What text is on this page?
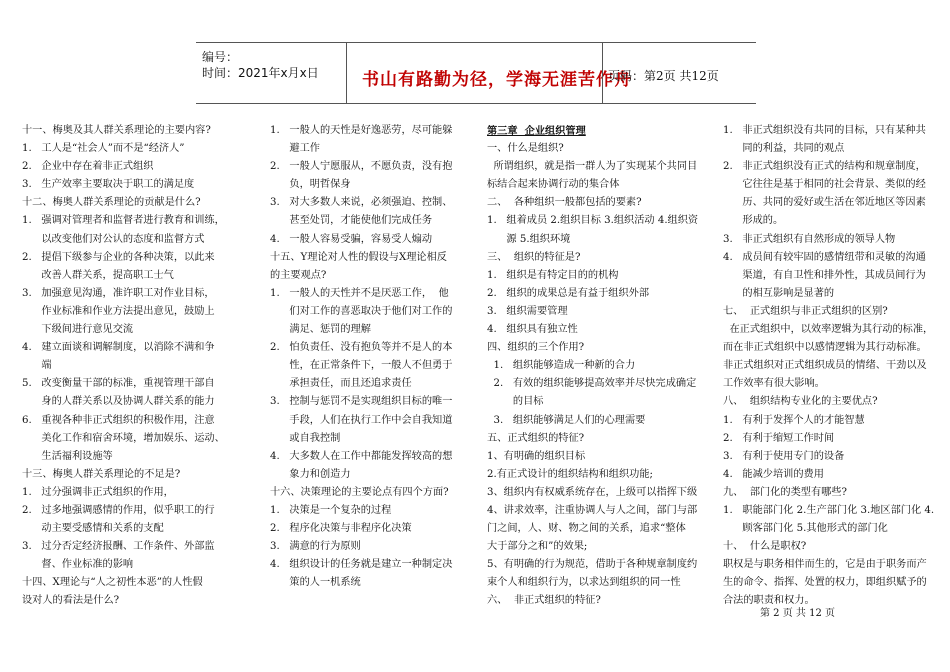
编号：
时间：2021年x月x日	书山有路勤为径，学海无涯苦作舟
页码：第2页 共12页
十一、梅奥及其人群关系理论的主要内容?
1.   工人是“社会人”而不是“经济人”
2.   企业中存在着非正式组织
3.   生产效率主要取决于职工的满足度
十二、梅奥人群关系理论的贡献是什么?
1.   强调对管理者和监督者进行教育和训练，
以改变他们对公认的态度和监督方式
2.   提倡下级参与企业的各种决策，以此来
改善人群关系，提高职工士气
3.   加强意见沟通，准许职工对作业目标，
作业标准和作业方法提出意见，鼓励上
下级间进行意见交流
4.   建立面谈和调解制度，以消除不满和争
端
5.   改变衡量干部的标准，重视管理干部自
身的人群关系以及协调人群关系的能力
6.   重视各种非正式组织的积极作用，注意
美化工作和宿舍环境，增加娱乐、运动、
生活福利设施等
十三、梅奥人群关系理论的不足是?
1.   过分强调非正式组织的作用，
2.   过多地强调感情的作用，似乎职工的行
动主要受感情和关系的支配
3.   过分否定经济报酬、工作条件、外部监
督、作业标准的影响
十四、X理论与“人之初性本恶”的人性假
设对人的看法是什么?
1.   一般人的天性是好逸恶劳，尽可能躲
避工作
2.   一般人宁愿服从，不愿负责，没有抱
负，明哲保身
3.   对大多数人来说，必须强迫、控制、
甚至处罚，才能使他们完成任务
4.   一般人容易受骗，容易受人煽动
十五、Y理论对人性的假设与X理论相反
的主要观点?
1.   一般人的天性并不是厌恶工作，  他
们对工作的喜恶取决于他们对工作的
满足、惩罚的理解
2.   怕负责任、没有抱负等并不是人的本
性，在正常条件下，一般人不但勇于
承担责任，而且还追求责任
3.   控制与惩罚不是实现组织目标的唯一
手段，人们在执行工作中会自我知道
或自我控制
4.   大多数人在工作中都能发挥较高的想
象力和创造力
十六、决策理论的主要论点有四个方面?
1.   决策是一个复杂的过程
2.   程序化决策与非程序化决策
3.   满意的行为原则
4.   组织设计的任务就是建立一种制定决
策的人一机系统
第三章  企业组织管理
一、什么是组织?
所谓组织，就是指一群人为了实现某个共同目
标结合起来协调行动的集合体
二、  各种组织一般都包括的要素?
1.   组着成员 2.组织目标 3.组织活动 4.组织资
源 5.组织环境
三、  组织的特征是?
1.   组织是有特定目的的机构
2.   组织的成果总是有益于组织外部
3.   组织需要管理
4.   组织具有独立性
四、组织的三个作用?
1.   组织能够造成一种新的合力
2.   有效的组织能够提高效率并尽快完成确定
的目标
3.   组织能够满足人们的心理需要
五、正式组织的特征?
1、有明确的组织目标
2.有正式设计的组织结构和组织功能;
3、组织内有权威系统存在，上级可以指挥下级
4、讲求效率，注重协调人与人之间，部门与部
门之间，人、财、物之间的关系，追求“整体
大于部分之和”的效果;
5、有明确的行为规范，借助于各种规章制度约
束个人和组织行为，以求达到组织的同一性
六、  非正式组织的特征?
1.   非正式组织没有共同的目标，只有某种共
同的利益，共同的观点
2.   非正式组织没有正式的结构和规章制度，
它往往是基于相同的社会背景、类似的经
历、共同的爱好或生活在邻近地区等因素
形成的。
3.   非正式组织有自然形成的领导人物
4.   成员间有较牢固的感情纽带和灵敏的沟通
渠道，有自卫性和排外性，其成员间行为
的相互影响是显著的
七、  正式组织与非正式组织的区别?
在正式组织中，以效率逻辑为其行动的标准，
而在非正式组织中以感情逻辑为其行动标准。
非正式组织对正式组织成员的情绪、干劲以及
工作效率有很大影响。
八、  组织结构专业化的主要优点?
1.   有利于发挥个人的才能智慧
2.   有利于缩短工作时间
3.   有利于使用专门的设备
4.   能减少培训的费用
九、  部门化的类型有哪些?
1.   职能部门化 2.生产部门化 3.地区部门化 4.
顾客部门化 5.其他形式的部门化
十、  什么是职权?
职权是与职务相伴而生的，它是由于职务而产
生的命令、指挥、处置的权力，即组织赋予的
合法的职责和权力。
第 2 页 共 12 页
